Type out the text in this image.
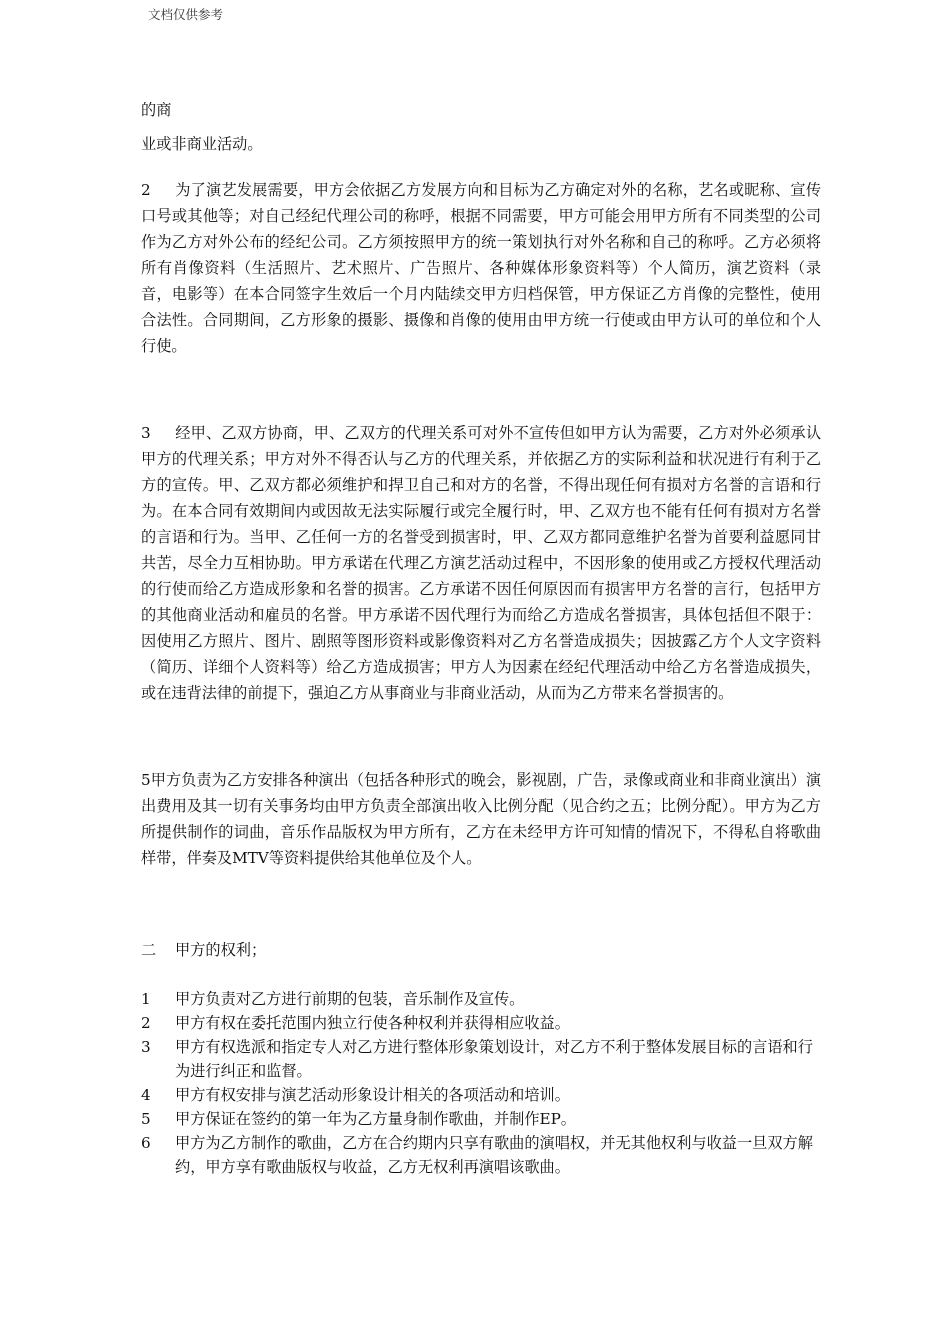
文档仅供参考
的商
业或非商业活动。
2 为了演艺发展需要，甲方会依据乙方发展方向和目标为乙方确定对外的名称，艺名或昵称、宣传口号或其他等；对自己经纪代理公司的称呼，根据不同需要，甲方可能会用甲方所有不同类型的公司作为乙方对外公布的经纪公司。乙方须按照甲方的统一策划执行对外名称和自己的称呼。乙方必须将所有肖像资料（生活照片、艺术照片、广告照片、各种媒体形象资料等）个人简历，演艺资料（录音，电影等）在本合同签字生效后一个月内陆续交甲方归档保管，甲方保证乙方肖像的完整性，使用合法性。合同期间，乙方形象的摄影、摄像和肖像的使用由甲方统一行使或由甲方认可的单位和个人行使。
3 经甲、乙双方协商，甲、乙双方的代理关系可对外不宣传但如甲方认为需要，乙方对外必须承认甲方的代理关系；甲方对外不得否认与乙方的代理关系，并依据乙方的实际利益和状况进行有利于乙方的宣传。甲、乙双方都必须维护和捍卫自己和对方的名誉，不得出现任何有损对方名誉的言语和行为。在本合同有效期间内或因故无法实际履行或完全履行时，甲、乙双方也不能有任何有损对方名誉的言语和行为。当甲、乙任何一方的名誉受到损害时，甲、乙双方都同意维护名誉为首要利益愿同甘共苦，尽全力互相协助。甲方承诺在代理乙方演艺活动过程中，不因形象的使用或乙方授权代理活动的行使而给乙方造成形象和名誉的损害。乙方承诺不因任何原因而有损害甲方名誉的言行，包括甲方的其他商业活动和雇员的名誉。甲方承诺不因代理行为而给乙方造成名誉损害，具体包括但不限于：因使用乙方照片、图片、剧照等图形资料或影像资料对乙方名誉造成损失；因披露乙方个人文字资料（简历、详细个人资料等）给乙方造成损害；甲方人为因素在经纪代理活动中给乙方名誉造成损失，或在违背法律的前提下，强迫乙方从事商业与非商业活动，从而为乙方带来名誉损害的。
5甲方负责为乙方安排各种演出（包括各种形式的晚会，影视剧，广告，录像或商业和非商业演出）演出费用及其一切有关事务均由甲方负责全部演出收入比例分配（见合约之五；比例分配）。甲方为乙方所提供制作的词曲，音乐作品版权为甲方所有，乙方在未经甲方许可知情的情况下，不得私自将歌曲样带，伴奏及MTV等资料提供给其他单位及个人。
二 甲方的权利；
1 甲方负责对乙方进行前期的包装，音乐制作及宣传。
2 甲方有权在委托范围内独立行使各种权利并获得相应收益。
3 甲方有权选派和指定专人对乙方进行整体形象策划设计，对乙方不利于整体发展目标的言语和行为进行纠正和监督。
4 甲方有权安排与演艺活动形象设计相关的各项活动和培训。
5 甲方保证在签约的第一年为乙方量身制作歌曲，并制作EP。
6 甲方为乙方制作的歌曲，乙方在合约期内只享有歌曲的演唱权，并无其他权利与收益一旦双方解约，甲方享有歌曲版权与收益，乙方无权利再演唱该歌曲。
